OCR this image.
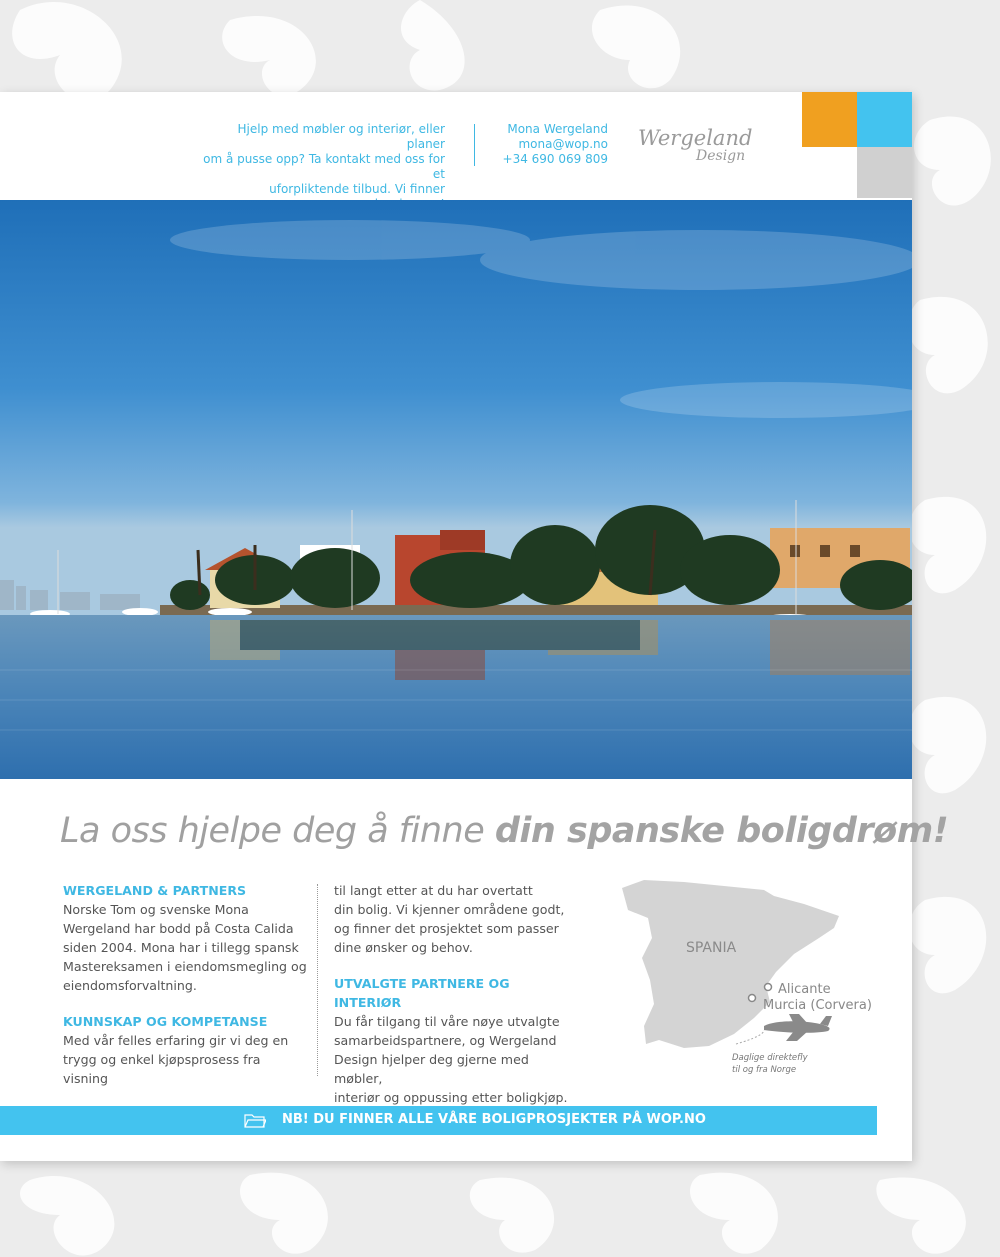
Hjelp med møbler og interiør, eller planer
om å pusse opp? Ta kontakt med oss for et
uforpliktende tilbud. Vi finner
Mona Wergeland
mona@wop.no
+34 690 069 809
Wergeland
Design
La oss hjelpe deg å finne din spanske boligdrøm!
WERGELAND & PARTNERS

Norske Tom og svenske Mona

Wergeland har bodd på Costa Calida

siden 2004. Mona har i tillegg spansk

Mastereksamen i eiendomsmegling og

eiendomsforvaltning.

KUNNSKAP OG KOMPETANSE

Med vår felles erfaring gir vi deg en

trygg og enkel kjøpsprosess fra visning

til langt etter at du har overtatt

din bolig. Vi kjenner områdene godt,

og finner det prosjektet som passer

dine ønsker og behov.

UTVALGTE PARTNERE OG INTERIØR

Du får tilgang til våre nøye utvalgte

samarbeidspartnere, og Wergeland

Design hjelper deg gjerne med møbler,

interiør og oppussing etter boligkjøp.

SPANIA
Alicante
Murcia (Corvera)
Daglige direktefly
til og fra Norge
NB! DU FINNER ALLE VÅRE BOLIGPROSJEKTER PÅ WOP.NO
